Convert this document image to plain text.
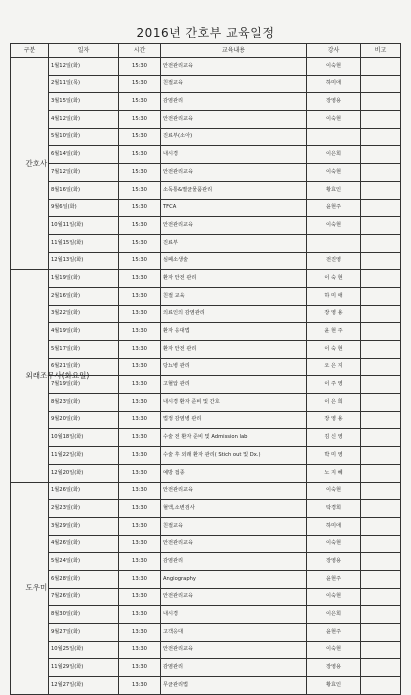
2016년 간호부 교육일정
구분	일자	시간	교육내용	강사	비고
간호사	1월12일(화)	15:30	안전관리교육	이숙현	
	2월11일(목)	15:30	친절교육	하미애	
	3월15일(화)	15:30	감염관리	장영용	
	4월12일(화)	15:30	안전관리교육	이숙현	
	5월10일(화)	15:30	진료부(소아)		
	6월14일(화)	15:30	내시경	이은희	
	7월12일(화)	15:30	안전관리교육	이숙현	
	8월16일(화)	15:30	소독통&멸균물품관리	황효인	
	9월6일(화)	15:30	TFCA	윤현주	
	10월11일(화)	15:30	안전관리교육	이숙현	
	11월15일(화)	15:30	진료부		
	12월13일(화)	15:30	심폐소생술	전진영	
외래조무사(화요일)	1월19일(화)	13:30	환자 안전 관리	이 숙 현	
	2월16일(화)	13:30	친절 교육	하 미 애	
	3월22일(화)	13:30	의료인의 감염관리	장 영 용	
	4월19일(화)	13:30	환자 응대법	윤 현 주	
	5월17일(화)	13:30	환자 안전 관리	이 숙 현	
	6월21일(화)	13:30	당뇨병 관리	오 은 지	
	7월19일(화)	13:30	고혈압 관리	이 주 영	
	8월23일(화)	13:30	내시경 환자 준비 및 간호	이 은 희	
	9월20일(화)	13:30	법정 감염병 관리	장 영 용	
	10월18일(화)	13:30	수술 전 환자 준비 및 Admission lab	김 신 영	
	11월22일(화)	13:30	수술 후 외래 환자 관리( Stich out 및 Dx.)	박 미 영	
	12월20일(화)	13:30	예방 접종	노 지 혜	
도우미	1월26일(화)	13:30	안전관리교육	이숙현	
	2월23일(화)	13:30	혈액,소변검사	탁경희	
	3월29일(화)	13:30	친절교육	하미애	
	4월26일(화)	13:30	안전관리교육	이숙현	
	5월24일(화)	13:30	감염관리	장영용	
	6월28일(화)	13:30	Angiography	윤현주	
	7월26일(화)	13:30	안전관리교육	이숙현	
	8월30일(화)	13:30	내시경	이은희	
	9월27일(화)	13:30	고객응대	윤현주	
	10월25일(화)	13:30	안전관리교육	이숙현	
	11월29일(화)	13:30	감염관리	장영용	
	12월27일(화)	13:30	무균관리법	황효인	
